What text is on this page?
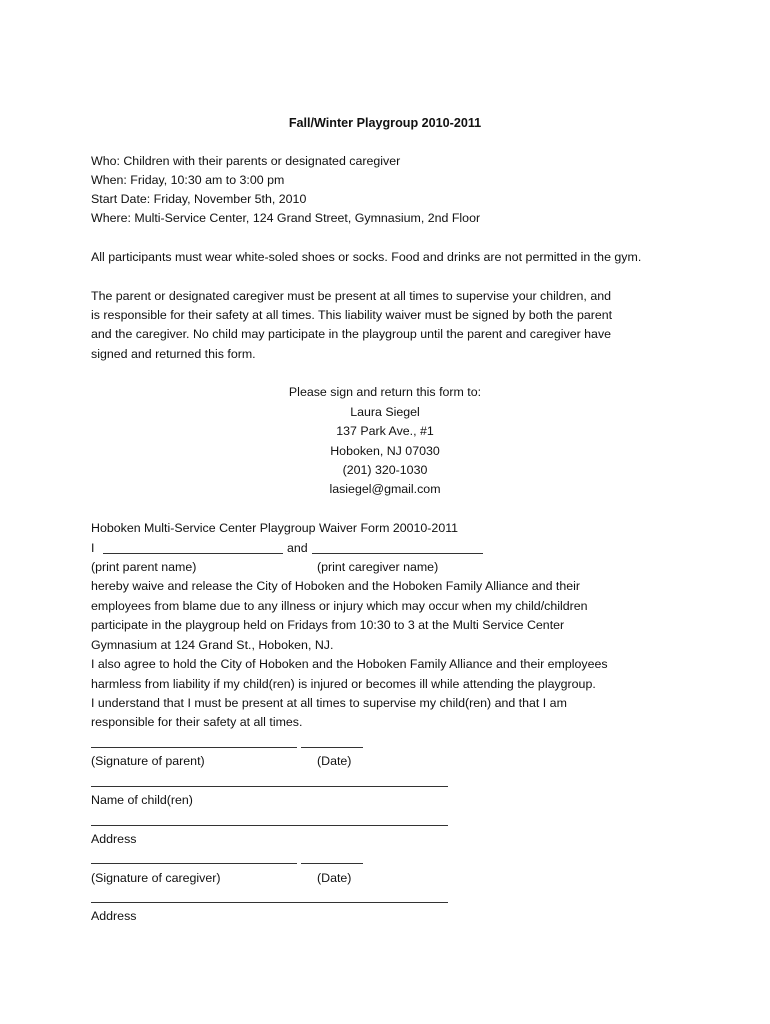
Fall/Winter Playgroup 2010-2011
Who: Children with their parents or designated caregiver
When: Friday, 10:30 am to 3:00 pm
Start Date: Friday, November 5th, 2010
Where: Multi-Service Center, 124 Grand Street, Gymnasium, 2nd Floor
All participants must wear white-soled shoes or socks. Food and drinks are not permitted in the gym.
The parent or designated caregiver must be present at all times to supervise your children, and
is responsible for their safety at all times. This liability waiver must be signed by both the parent
and the caregiver. No child may participate in the playgroup until the parent and caregiver have
signed and returned this form.
Please sign and return this form to:
Laura Siegel
137 Park Ave., #1
Hoboken, NJ 07030
(201) 320-1030
lasiegel@gmail.com
Hoboken Multi-Service Center Playgroup Waiver Form 20010-2011
I	and
(print parent name)	(print caregiver name)
hereby waive and release the City of Hoboken and the Hoboken Family Alliance and their
employees from blame due to any illness or injury which may occur when my child/children
participate in the playgroup held on Fridays from 10:30 to 3 at the Multi Service Center
Gymnasium at 124 Grand St., Hoboken, NJ.
I also agree to hold the City of Hoboken and the Hoboken Family Alliance and their employees
harmless from liability if my child(ren) is injured or becomes ill while attending the playgroup.
I understand that I must be present at all times to supervise my child(ren) and that I am
responsible for their safety at all times.
(Signature of parent)	(Date)
Name of child(ren)
Address
(Signature of caregiver)	(Date)
Address
